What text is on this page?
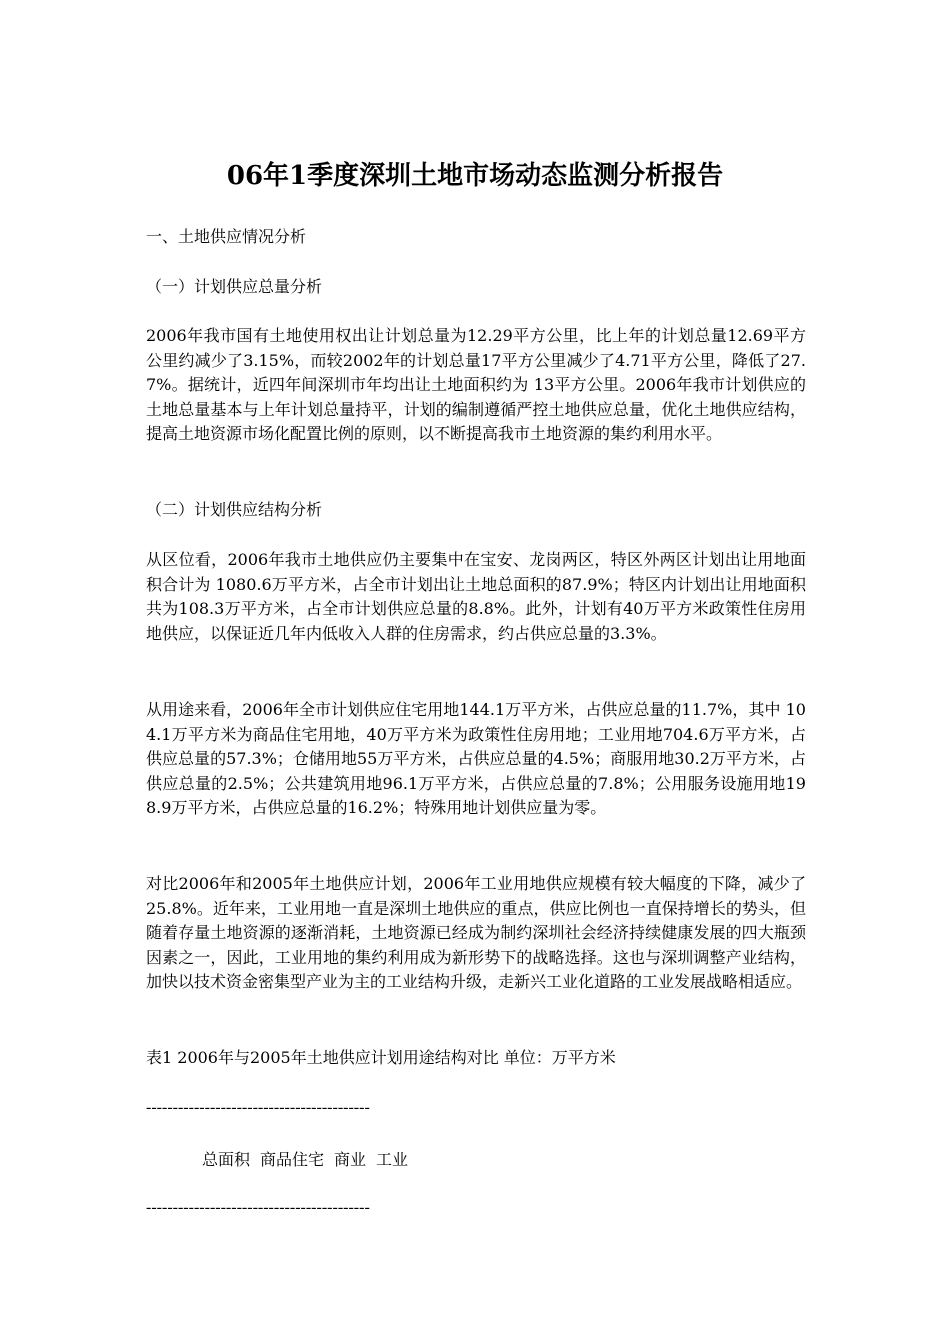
06年1季度深圳土地市场动态监测分析报告

一、土地供应情况分析

（一）计划供应总量分析

2006年我市国有土地使用权出让计划总量为12.29平方公里，比上年的计划总量12.69平方公里约减少了3.15%，而较2002年的计划总量17平方公里减少了4.71平方公里，降低了27.7%。据统计，近四年间深圳市年均出让土地面积约为 13平方公里。2006年我市计划供应的土地总量基本与上年计划总量持平，计划的编制遵循严控土地供应总量，优化土地供应结构，提高土地资源市场化配置比例的原则，以不断提高我市土地资源的集约利用水平。

（二）计划供应结构分析

从区位看，2006年我市土地供应仍主要集中在宝安、龙岗两区，特区外两区计划出让用地面积合计为 1080.6万平方米，占全市计划出让土地总面积的87.9%；特区内计划出让用地面积共为108.3万平方米，占全市计划供应总量的8.8%。此外，计划有40万平方米政策性住房用地供应，以保证近几年内低收入人群的住房需求，约占供应总量的3.3%。

从用途来看，2006年全市计划供应住宅用地144.1万平方米，占供应总量的11.7%，其中 104.1万平方米为商品住宅用地，40万平方米为政策性住房用地；工业用地704.6万平方米，占供应总量的57.3%；仓储用地55万平方米，占供应总量的4.5%；商服用地30.2万平方米，占供应总量的2.5%；公共建筑用地96.1万平方米，占供应总量的7.8%；公用服务设施用地198.9万平方米，占供应总量的16.2%；特殊用地计划供应量为零。

对比2006年和2005年土地供应计划，2006年工业用地供应规模有较大幅度的下降，减少了 25.8%。近年来，工业用地一直是深圳土地供应的重点，供应比例也一直保持增长的势头，但随着存量土地资源的逐渐消耗，土地资源已经成为制约深圳社会经济持续健康发展的四大瓶颈因素之一，因此，工业用地的集约利用成为新形势下的战略选择。这也与深圳调整产业结构，加快以技术资金密集型产业为主的工业结构升级，走新兴工业化道路的工业发展战略相适应。

表1 2006年与2005年土地供应计划用途结构对比 单位：万平方米

------------------------------------------

总面积 商品住宅 商业 工业

------------------------------------------
